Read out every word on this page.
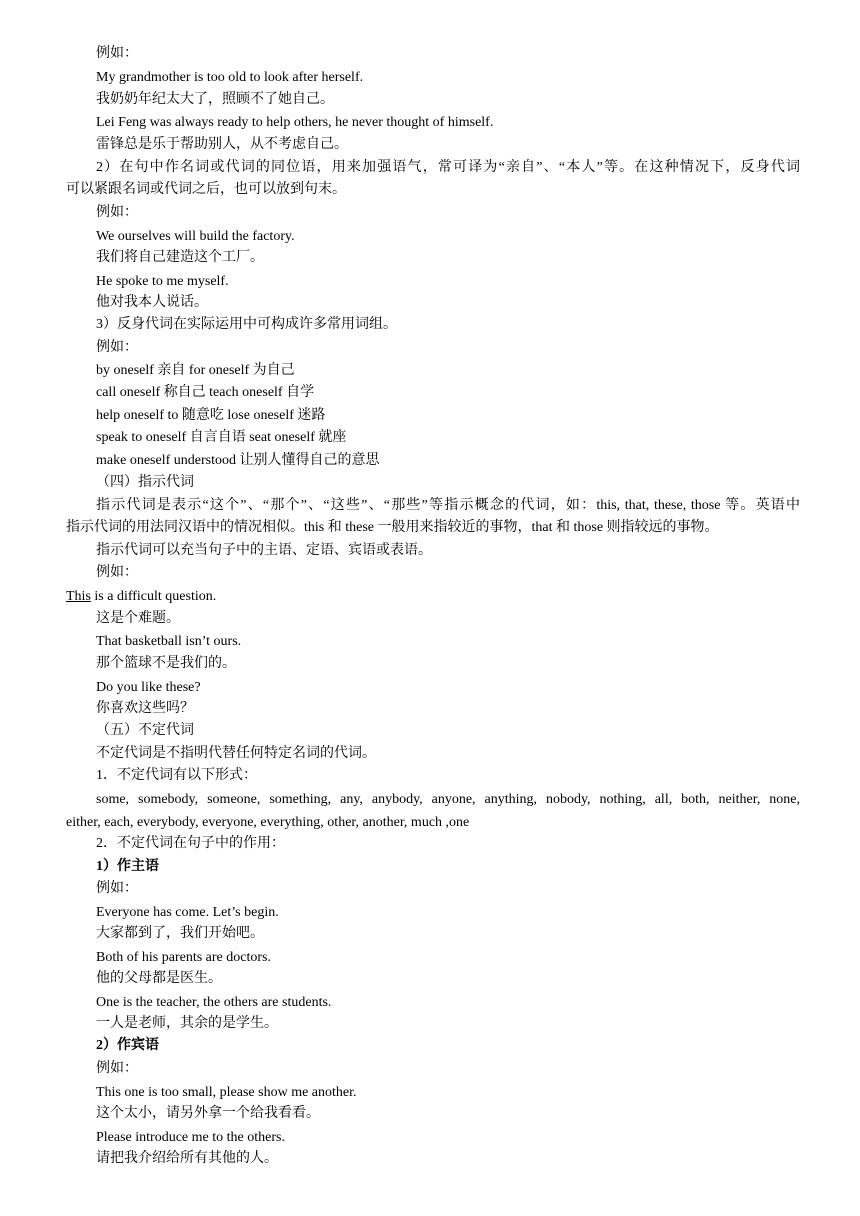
例如：
My grandmother is too old to look after herself.
我奶奶年纪太大了，照顾不了她自己。
Lei Feng was always ready to help others, he never thought of himself.
雷锋总是乐于帮助别人，从不考虑自己。
2）在句中作名词或代词的同位语，用来加强语气，常可译为“亲自”、“本人”等。在这种情况下，反身代词
可以紧跟名词或代词之后，也可以放到句末。
例如：
We ourselves will build the factory.
我们将自己建造这个工厂。
He spoke to me myself.
他对我本人说话。
3）反身代词在实际运用中可构成许多常用词组。
例如：
by oneself 亲自 for oneself 为自己
call oneself 称自己 teach oneself 自学
help oneself to 随意吃 lose oneself 迷路
speak to oneself 自言自语 seat oneself 就座
make oneself understood 让别人懂得自己的意思
（四）指示代词
指示代词是表示“这个”、“那个”、“这些”、“那些”等指示概念的代词，如：this, that, these, those 等。英语中
指示代词的用法同汉语中的情况相似。this 和 these 一般用来指较近的事物，that 和 those 则指较远的事物。
指示代词可以充当句子中的主语、定语、宾语或表语。
例如：
This is a difficult question.
这是个难题。
That basketball isn’t ours.
那个篮球不是我们的。
Do you like these?
你喜欢这些吗？
（五）不定代词
不定代词是不指明代替任何特定名词的代词。
1．不定代词有以下形式：
some, somebody, someone, something, any, anybody, anyone, anything, nobody, nothing, all, both, neither, none,
either, each, everybody, everyone, everything, other, another, much ,one
2．不定代词在句子中的作用：
1）作主语
例如：
Everyone has come. Let’s begin.
大家都到了，我们开始吧。
Both of his parents are doctors.
他的父母都是医生。
One is the teacher, the others are students.
一人是老师，其余的是学生。
2）作宾语
例如：
This one is too small, please show me another.
这个太小，请另外拿一个给我看看。
Please introduce me to the others.
请把我介绍给所有其他的人。
